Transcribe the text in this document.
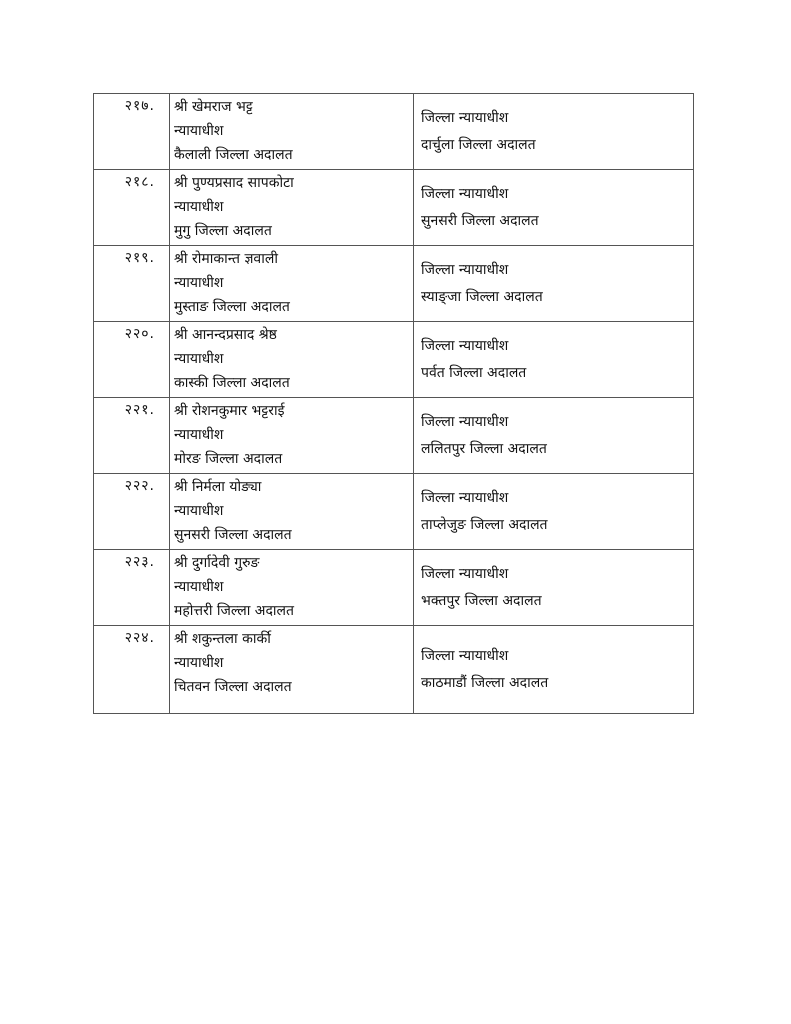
२१७.	श्री खेमराज भट्ट
न्यायाधीश
कैलाली जिल्ला अदालत	जिल्ला न्यायाधीश
दार्चुला जिल्ला अदालत

२१८.	श्री पुण्यप्रसाद सापकोटा
न्यायाधीश
मुगु जिल्ला अदालत	जिल्ला न्यायाधीश
सुनसरी जिल्ला अदालत

२१९.	श्री रोमाकान्त ज्ञवाली
न्यायाधीश
मुस्ताङ जिल्ला अदालत	जिल्ला न्यायाधीश
स्याङ्जा जिल्ला अदालत

२२०.	श्री आनन्दप्रसाद श्रेष्ठ
न्यायाधीश
कास्की जिल्ला अदालत	जिल्ला न्यायाधीश
पर्वत जिल्ला अदालत

२२१.	श्री रोशनकुमार भट्टराई
न्यायाधीश
मोरङ जिल्ला अदालत	जिल्ला न्यायाधीश
ललितपुर जिल्ला अदालत

२२२.	श्री निर्मला योङ्या
न्यायाधीश
सुनसरी जिल्ला अदालत	जिल्ला न्यायाधीश
ताप्लेजुङ जिल्ला अदालत

२२३.	श्री दुर्गादेवी गुरुङ
न्यायाधीश
महोत्तरी जिल्ला अदालत	जिल्ला न्यायाधीश
भक्तपुर जिल्ला अदालत

२२४.	श्री शकुन्तला कार्की
न्यायाधीश
चितवन जिल्ला अदालत	जिल्ला न्यायाधीश
काठमाडौं जिल्ला अदालत
